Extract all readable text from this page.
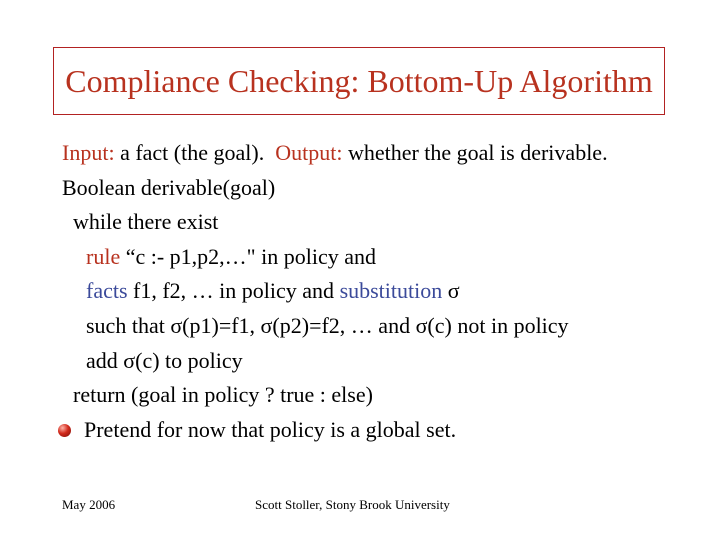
Compliance Checking: Bottom-Up Algorithm
Input: a fact (the goal).  Output: whether the goal is derivable.
Boolean derivable(goal)
while there exist
rule “c :- p1,p2,…" in policy and
facts f1, f2, … in policy and substitution σ
such that σ(p1)=f1, σ(p2)=f2, … and σ(c) not in policy
add σ(c) to policy
return (goal in policy ? true : else)
Pretend for now that policy is a global set.
May 2006	Scott Stoller, Stony Brook University
